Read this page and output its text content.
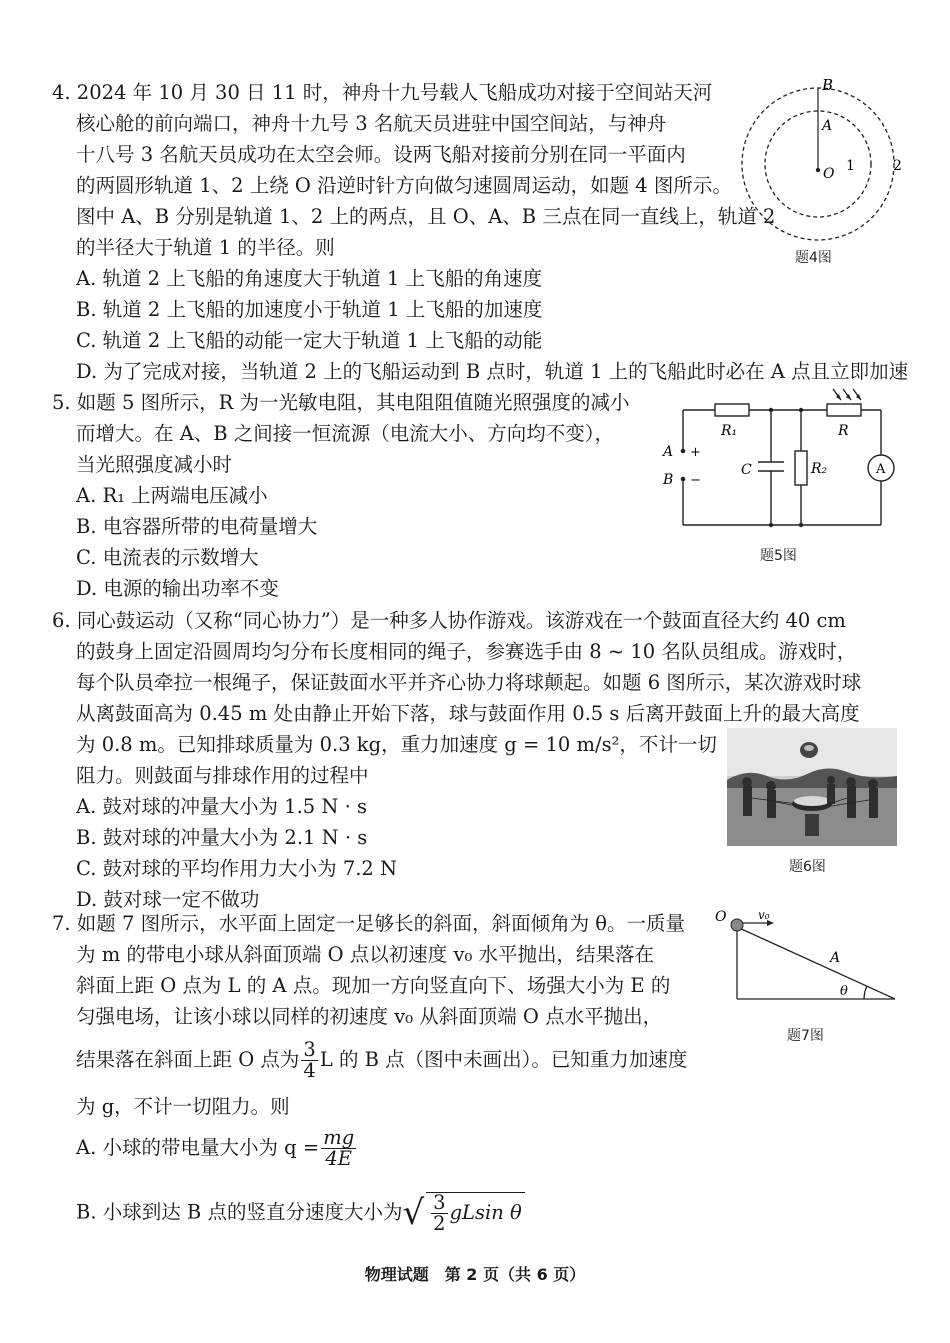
4. 2024 年 10 月 30 日 11 时，神舟十九号载人飞船成功对接于空间站天河
核心舱的前向端口，神舟十九号 3 名航天员进驻中国空间站，与神舟
十八号 3 名航天员成功在太空会师。设两飞船对接前分别在同一平面内
的两圆形轨道 1、2 上绕 O 沿逆时针方向做匀速圆周运动，如题 4 图所示。
图中 A、B 分别是轨道 1、2 上的两点，且 O、A、B 三点在同一直线上，轨道 2
的半径大于轨道 1 的半径。则
A. 轨道 2 上飞船的角速度大于轨道 1 上飞船的角速度
B. 轨道 2 上飞船的加速度小于轨道 1 上飞船的加速度
C. 轨道 2 上飞船的动能一定大于轨道 1 上飞船的动能
D. 为了完成对接，当轨道 2 上的飞船运动到 B 点时，轨道 1 上的飞船此时必在 A 点且立即加速
B
A
O 1	2
题4图
5. 如题 5 图所示，R 为一光敏电阻，其电阻阻值随光照强度的减小
而增大。在 A、B 之间接一恒流源（电流大小、方向均不变），
当光照强度减小时
A. R₁ 上两端电压减小
B. 电容器所带的电荷量增大
C. 电流表的示数增大
D. 电源的输出功率不变
R₁	R
R₂
C
A
B
+
−
A
题5图
6. 同心鼓运动（又称“同心协力”）是一种多人协作游戏。该游戏在一个鼓面直径大约 40 cm
的鼓身上固定沿圆周均匀分布长度相同的绳子，参赛选手由 8 ~ 10 名队员组成。游戏时，
每个队员牵拉一根绳子，保证鼓面水平并齐心协力将球颠起。如题 6 图所示，某次游戏时球
从离鼓面高为 0.45 m 处由静止开始下落，球与鼓面作用 0.5 s 后离开鼓面上升的最大高度
为 0.8 m。已知排球质量为 0.3 kg，重力加速度 g = 10 m/s²，不计一切
阻力。则鼓面与排球作用的过程中
A. 鼓对球的冲量大小为 1.5 N · s
B. 鼓对球的冲量大小为 2.1 N · s
C. 鼓对球的平均作用力大小为 7.2 N
D. 鼓对球一定不做功
题6图
7. 如题 7 图所示，水平面上固定一足够长的斜面，斜面倾角为 θ。一质量
为 m 的带电小球从斜面顶端 O 点以初速度 v₀ 水平抛出，结果落在
斜面上距 O 点为 L 的 A 点。现加一方向竖直向下、场强大小为 E 的
匀强电场，让该小球以同样的初速度 v₀ 从斜面顶端 O 点水平抛出，
结果落在斜面上距 O 点为 $\frac{3}{4}$ L 的 B 点（图中未画出）。已知重力加速度
为 g，不计一切阻力。则
A. 小球的带电量大小为 $q = \frac{mg}{4E}$
B. 小球到达 B 点的竖直分速度大小为√ $\frac{3}{2}$ gLsin θ
O	v₀
A
θ
题7图
物理试题　第 2 页（共 6 页）
